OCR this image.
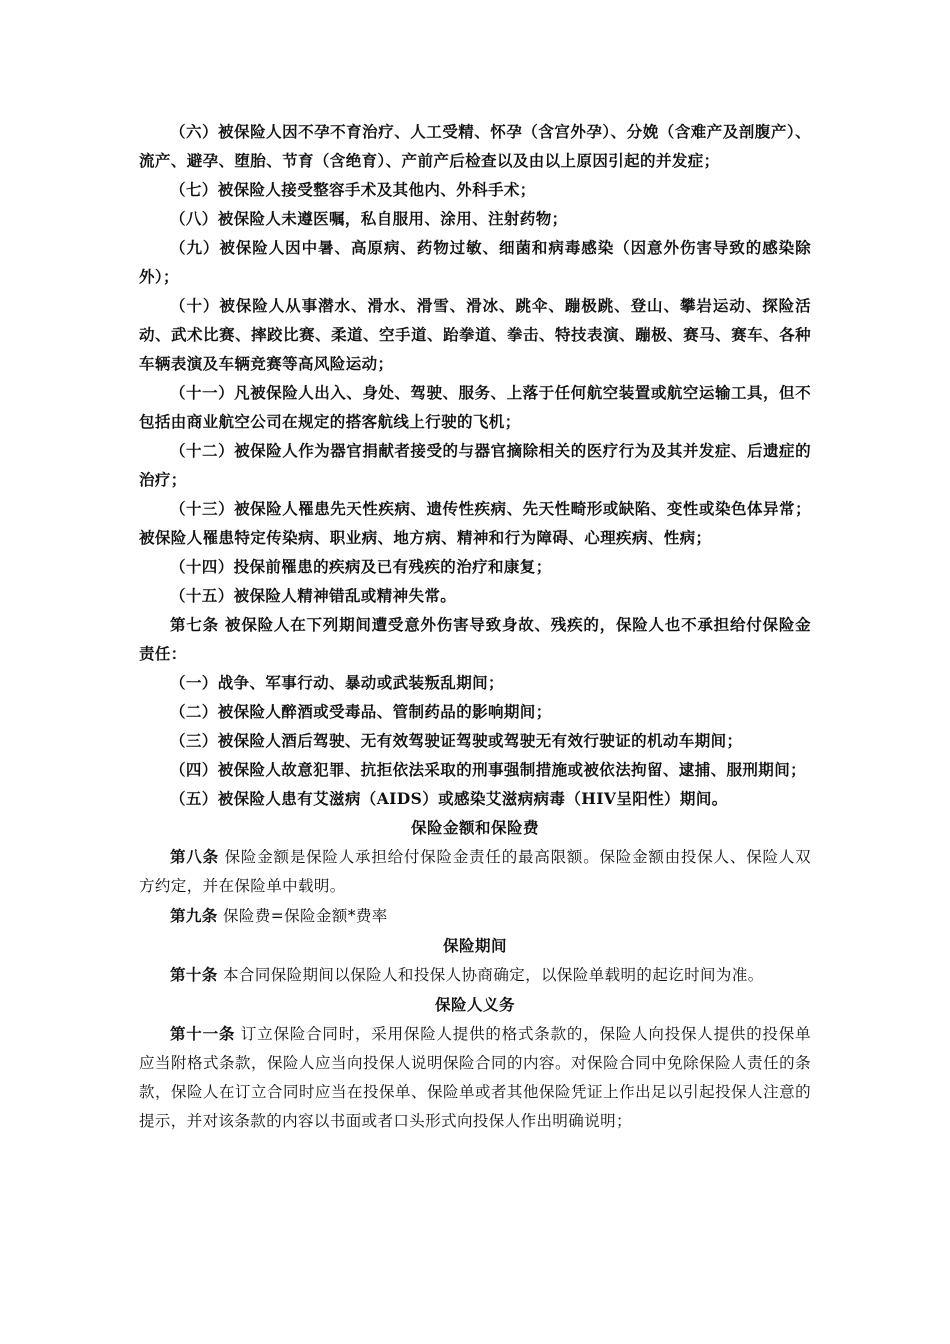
（六）被保险人因不孕不育治疗、人工受精、怀孕（含宫外孕）、分娩（含难产及剖腹产）、流产、避孕、堕胎、节育（含绝育）、产前产后检查以及由以上原因引起的并发症；

（七）被保险人接受整容手术及其他内、外科手术；

（八）被保险人未遵医嘱，私自服用、涂用、注射药物；

（九）被保险人因中暑、高原病、药物过敏、细菌和病毒感染（因意外伤害导致的感染除外）；

（十）被保险人从事潜水、滑水、滑雪、滑冰、跳伞、蹦极跳、登山、攀岩运动、探险活动、武术比赛、摔跤比赛、柔道、空手道、跆拳道、拳击、特技表演、蹦极、赛马、赛车、各种车辆表演及车辆竞赛等高风险运动；

（十一）凡被保险人出入、身处、驾驶、服务、上落于任何航空装置或航空运输工具，但不包括由商业航空公司在规定的搭客航线上行驶的飞机；

（十二）被保险人作为器官捐献者接受的与器官摘除相关的医疗行为及其并发症、后遗症的治疗；

（十三）被保险人罹患先天性疾病、遗传性疾病、先天性畸形或缺陷、变性或染色体异常；被保险人罹患特定传染病、职业病、地方病、精神和行为障碍、心理疾病、性病；

（十四）投保前罹患的疾病及已有残疾的治疗和康复；

（十五）被保险人精神错乱或精神失常。

第七条 被保险人在下列期间遭受意外伤害导致身故、残疾的，保险人也不承担给付保险金责任：

（一）战争、军事行动、暴动或武装叛乱期间；

（二）被保险人醉酒或受毒品、管制药品的影响期间；

（三）被保险人酒后驾驶、无有效驾驶证驾驶或驾驶无有效行驶证的机动车期间；

（四）被保险人故意犯罪、抗拒依法采取的刑事强制措施或被依法拘留、逮捕、服刑期间；

（五）被保险人患有艾滋病（AIDS）或感染艾滋病病毒（HIV呈阳性）期间。

保险金额和保险费

第八条 保险金额是保险人承担给付保险金责任的最高限额。保险金额由投保人、保险人双方约定，并在保险单中载明。

第九条 保险费=保险金额*费率

保险期间

第十条 本合同保险期间以保险人和投保人协商确定，以保险单载明的起讫时间为准。

保险人义务

第十一条 订立保险合同时，采用保险人提供的格式条款的，保险人向投保人提供的投保单应当附格式条款，保险人应当向投保人说明保险合同的内容。对保险合同中免除保险人责任的条款，保险人在订立合同时应当在投保单、保险单或者其他保险凭证上作出足以引起投保人注意的提示，并对该条款的内容以书面或者口头形式向投保人作出明确说明；
